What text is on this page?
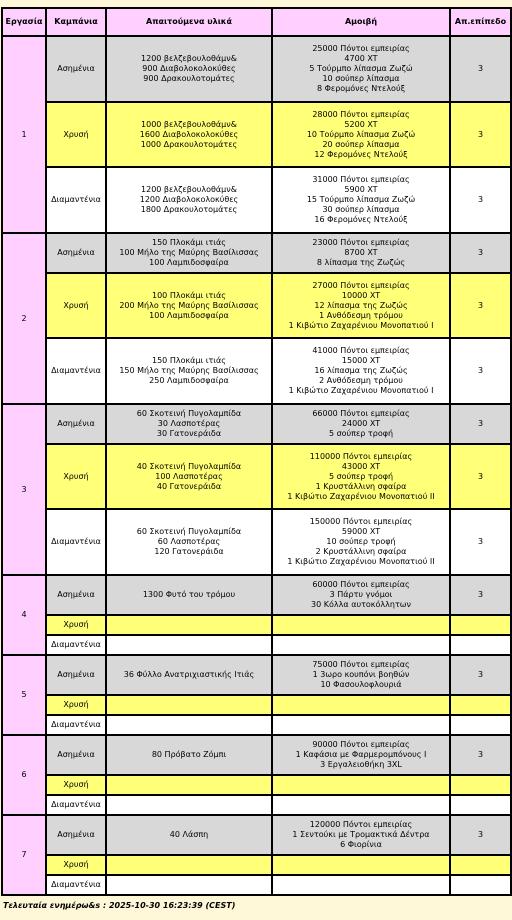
Εργασία	Καμπάνια	Απαιτούμενα υλικά	Αμοιβή	Απ.επίπεδο
1	Ασημένια	1200 βελζεβουλοθάμν&
900 Διαβολοκολοκύθες
900 Δρακουλοτομάτες	25000 Πόντοι εμπειρίας
4700 XT
5 Τούρμπο λίπασμα Ζωζώ
10 σούπερ λίπασμα
8 Φερομόνες Ντελούξ	3
	Χρυσή	1000 βελζεβουλοθάμν&
1600 Διαβολοκολοκύθες
1000 Δρακουλοτομάτες	28000 Πόντοι εμπειρίας
5200 XT
10 Τούρμπο λίπασμα Ζωζώ
20 σούπερ λίπασμα
12 Φερομόνες Ντελούξ	3
	Διαμαντένια	1200 βελζεβουλοθάμν&
1200 Διαβολοκολοκύθες
1800 Δρακουλοτομάτες	31000 Πόντοι εμπειρίας
5900 XT
15 Τούρμπο λίπασμα Ζωζώ
30 σούπερ λίπασμα
16 Φερομόνες Ντελούξ	3
2	Ασημένια	150 Πλοκάμι ιτιάς
100 Μήλο της Μαύρης Βασίλισσας
100 Λαμπιδοσφαίρα	23000 Πόντοι εμπειρίας
8700 XT
8 λίπασμα της Ζωζώς	3
	Χρυσή	100 Πλοκάμι ιτιάς
200 Μήλο της Μαύρης Βασίλισσας
100 Λαμπιδοσφαίρα	27000 Πόντοι εμπειρίας
10000 XT
12 λίπασμα της Ζωζώς
1 Ανθόδεσμη τρόμου
1 Κιβώτιο Ζαχαρένιου Μονοπατιού I	3
	Διαμαντένια	150 Πλοκάμι ιτιάς
150 Μήλο της Μαύρης Βασίλισσας
250 Λαμπιδοσφαίρα	41000 Πόντοι εμπειρίας
15000 XT
16 λίπασμα της Ζωζώς
2 Ανθόδεσμη τρόμου
1 Κιβώτιο Ζαχαρένιου Μονοπατιού I	3
3	Ασημένια	60 Σκοτεινή Πυγολαμπίδα
30 Λασποτέρας
30 Γατονεράιδα	66000 Πόντοι εμπειρίας
24000 XT
5 σούπερ τροφή	3
	Χρυσή	40 Σκοτεινή Πυγολαμπίδα
100 Λασποτέρας
40 Γατονεράιδα	110000 Πόντοι εμπειρίας
43000 XT
5 σούπερ τροφή
1 Κρυστάλλινη σφαίρα
1 Κιβώτιο Ζαχαρένιου Μονοπατιού II	3
	Διαμαντένια	60 Σκοτεινή Πυγολαμπίδα
60 Λασποτέρας
120 Γατονεράιδα	150000 Πόντοι εμπειρίας
59000 XT
10 σούπερ τροφή
2 Κρυστάλλινη σφαίρα
1 Κιβώτιο Ζαχαρένιου Μονοπατιού II	3
4	Ασημένια	1300 Φυτό του τρόμου	60000 Πόντοι εμπειρίας
3 Πάρτυ γνόμοι
30 Κόλλα αυτοκόλλητων	3
	Χρυσή			
	Διαμαντένια			
5	Ασημένια	36 Φύλλο Ανατριχιαστικής Ιτιάς	75000 Πόντοι εμπειρίας
1 3ωρο κουπόνι βοηθών
10 Φασουλοφλουριά	3
	Χρυσή			
	Διαμαντένια			
6	Ασημένια	80 Πρόβατο Ζόμπι	90000 Πόντοι εμπειρίας
1 Καφάσια με Φαρμερομπόνους I
3 Εργαλειοθήκη 3XL	3
	Χρυσή			
	Διαμαντένια			
7	Ασημένια	40 Λάσπη	120000 Πόντοι εμπειρίας
1 Σεντούκι με Τρομακτικά Δέντρα
6 Φιορίνια	3
	Χρυσή			
	Διαμαντένια			
Τελευταία ενημέρω&s : 2025-10-30 16:23:39 (CEST)
